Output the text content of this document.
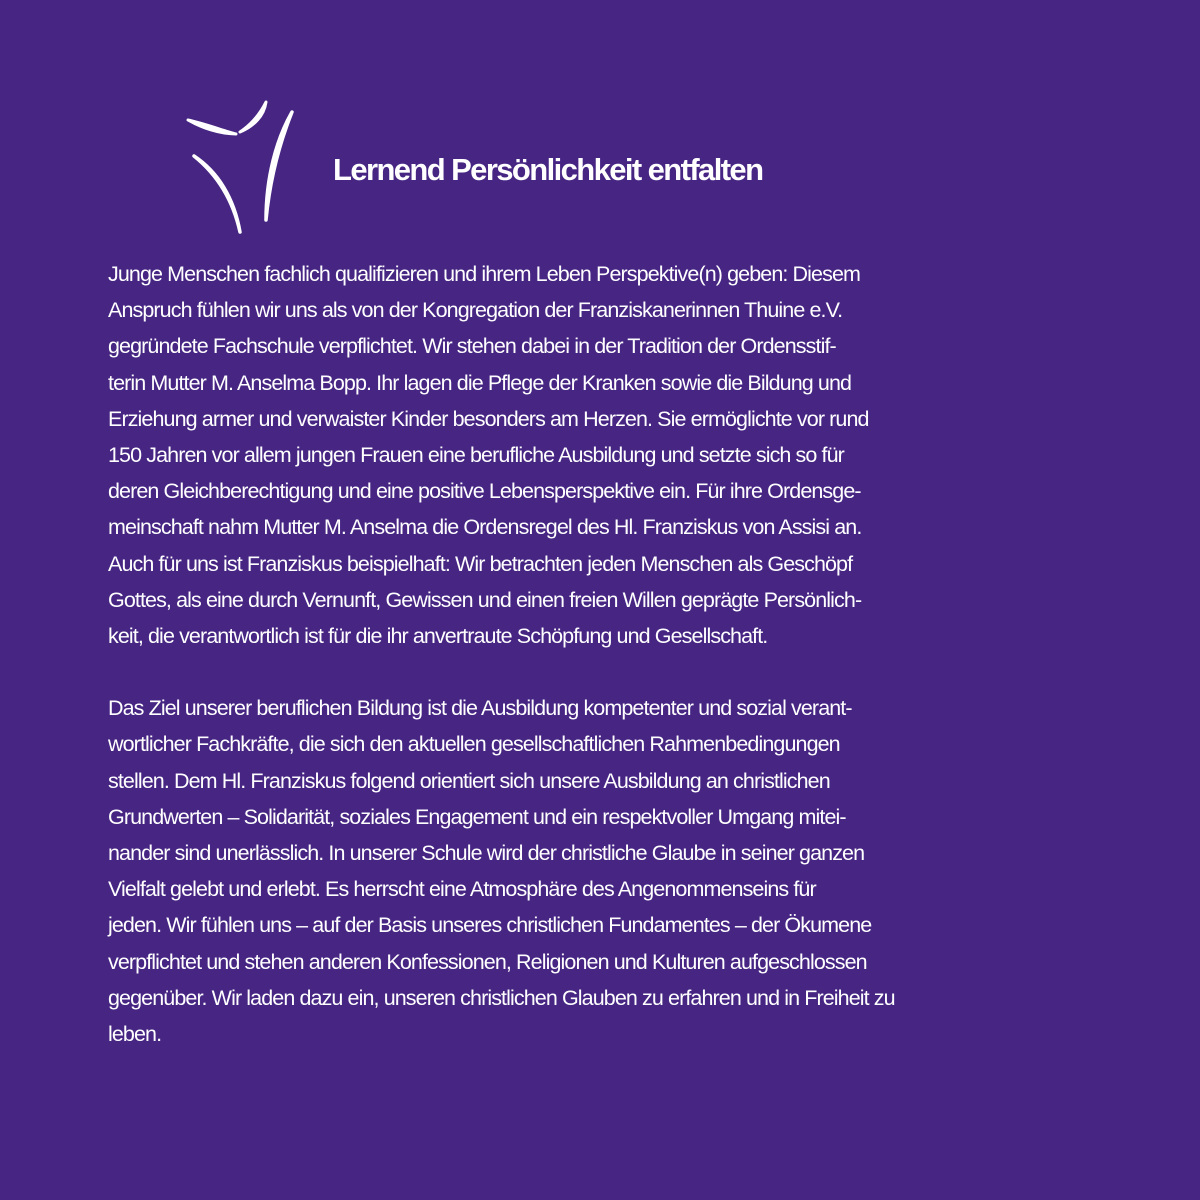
Lernend Persönlichkeit entfalten

Junge Menschen fachlich qualifizieren und ihrem Leben Perspektive(n) geben: Diesem
Anspruch fühlen wir uns als von der Kongregation der Franziskanerinnen Thuine e.V.
gegründete Fachschule verpflichtet. Wir stehen dabei in der Tradition der Ordensstif-
terin Mutter M. Anselma Bopp. Ihr lagen die Pflege der Kranken sowie die Bildung und
Erziehung armer und verwaister Kinder besonders am Herzen. Sie ermöglichte vor rund
150 Jahren vor allem jungen Frauen eine berufliche Ausbildung und setzte sich so für
deren Gleichberechtigung und eine positive Lebensperspektive ein. Für ihre Ordensge-
meinschaft nahm Mutter M. Anselma die Ordensregel des Hl. Franziskus von Assisi an.
Auch für uns ist Franziskus beispielhaft: Wir betrachten jeden Menschen als Geschöpf
Gottes, als eine durch Vernunft, Gewissen und einen freien Willen geprägte Persönlich-
keit, die verantwortlich ist für die ihr anvertraute Schöpfung und Gesellschaft.

Das Ziel unserer beruflichen Bildung ist die Ausbildung kompetenter und sozial verant-
wortlicher Fachkräfte, die sich den aktuellen gesellschaftlichen Rahmenbedingungen
stellen. Dem Hl. Franziskus folgend orientiert sich unsere Ausbildung an christlichen
Grundwerten – Solidarität, soziales Engagement und ein respektvoller Umgang mitei-
nander sind unerlässlich. In unserer Schule wird der christliche Glaube in seiner ganzen
Vielfalt gelebt und erlebt. Es herrscht eine Atmosphäre des Angenommenseins für
jeden. Wir fühlen uns – auf der Basis unseres christlichen Fundamentes – der Ökumene
verpflichtet und stehen anderen Konfessionen, Religionen und Kulturen aufgeschlossen
gegenüber. Wir laden dazu ein, unseren christlichen Glauben zu erfahren und in Freiheit zu
leben.
